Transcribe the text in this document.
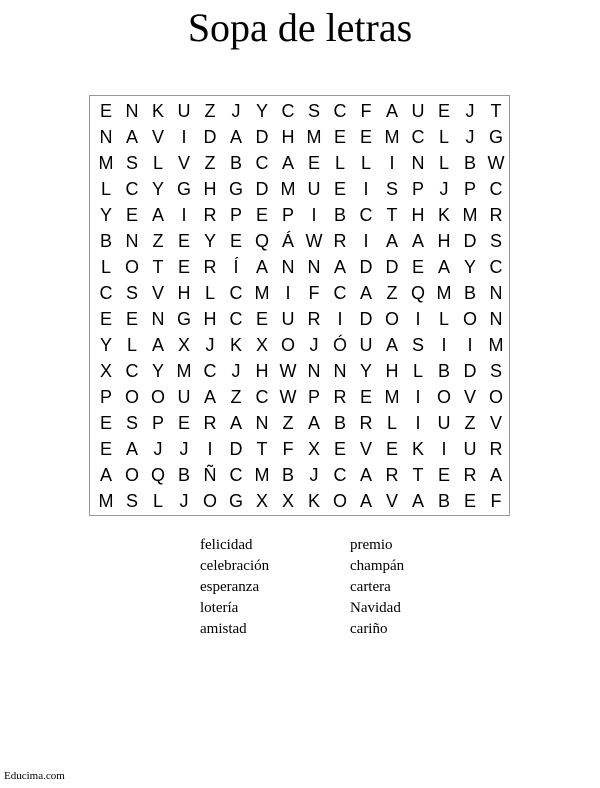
Sopa de letras
E N K U Z J Y C S C F A U E J T
N A V I D A D H M E E M C L J G
M S L V Z B C A E L L	I N L B W
L C Y G H G D M U E I S P J P C
Y E A I R P E P I B C T H K M R
B N Z E Y E Q Á W R I A A H D S
L O T E R Í A N N A D D E A Y C
C S V H L C M I	F C A Z Q M B N
E E N G H C E U R I D O I	L O N
Y L A X J K X O J Ó U A S I	I M
X C Y M C J H W N N Y H L B D S
P O O U A Z C W P R E M I O V O
E S P E R A N Z A B R L	I U Z V
E A J J	I D T F X E V E K I U R
A O Q B Ñ C M B J C A R T E R A
M S L J O G X X K O A V A B E F
felicidad
celebración
esperanza
lotería
amistad
premio
champán
cartera
Navidad
cariño
Educima.com
